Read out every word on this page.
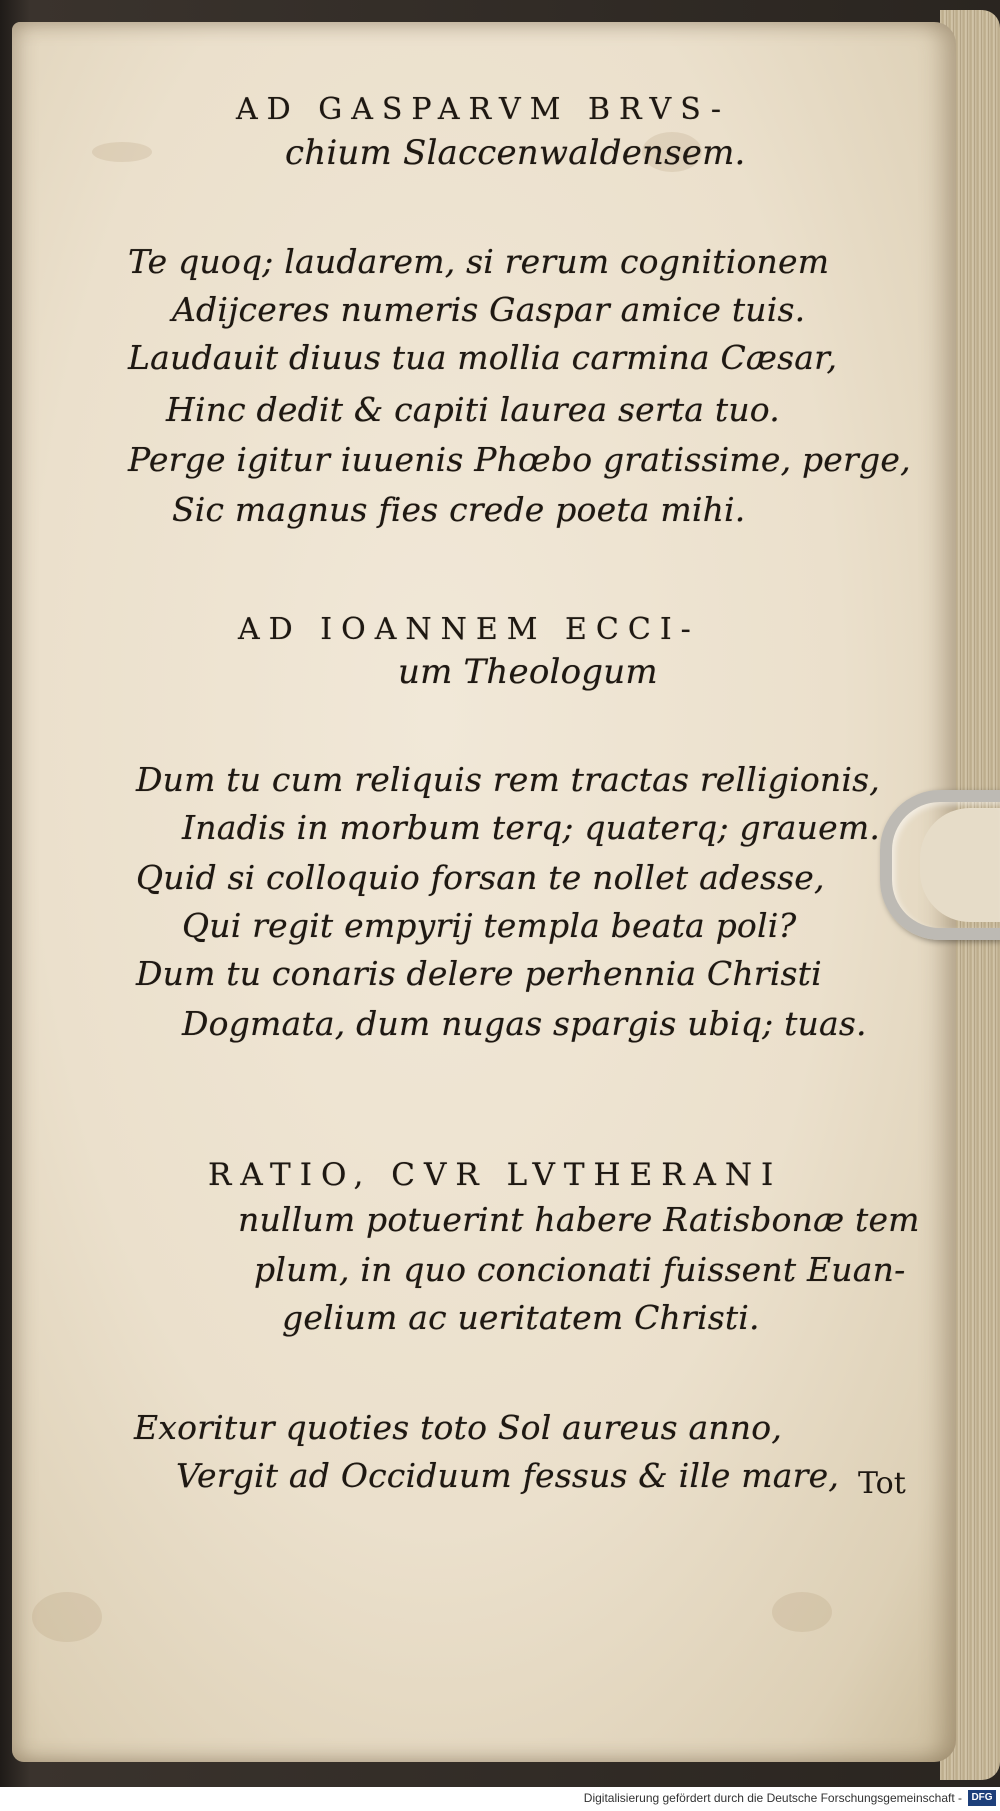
AD GASPARVM BRVS-
chium Slaccenwaldensem.
Te quoq; laudarem, si rerum cognitionem
Adijceres numeris Gaspar amice tuis.
Laudauit diuus tua mollia carmina Cæsar,
Hinc dedit & capiti laurea serta tuo.
Perge igitur iuuenis Phœbo gratissime, perge,
Sic magnus fies crede poeta mihi.
AD IOANNEM ECCI-
um Theologum
Dum tu cum reliquis rem tractas relligionis,
Inadis in morbum terq; quaterq; grauem.
Quid si colloquio forsan te nollet adesse,
Qui regit empyrij templa beata poli?
Dum tu conaris delere perhennia Christi
Dogmata, dum nugas spargis ubiq; tuas.
RATIO, CVR LVTHERANI
nullum potuerint habere Ratisbonæ tem
plum, in quo concionati fuissent Euan-
gelium ac ueritatem Christi.
Exoritur quoties toto Sol aureus anno,
Vergit ad Occiduum fessus & ille mare, Tot
Digitalisierung gefördert durch die Deutsche Forschungsgemeinschaft - DFG
